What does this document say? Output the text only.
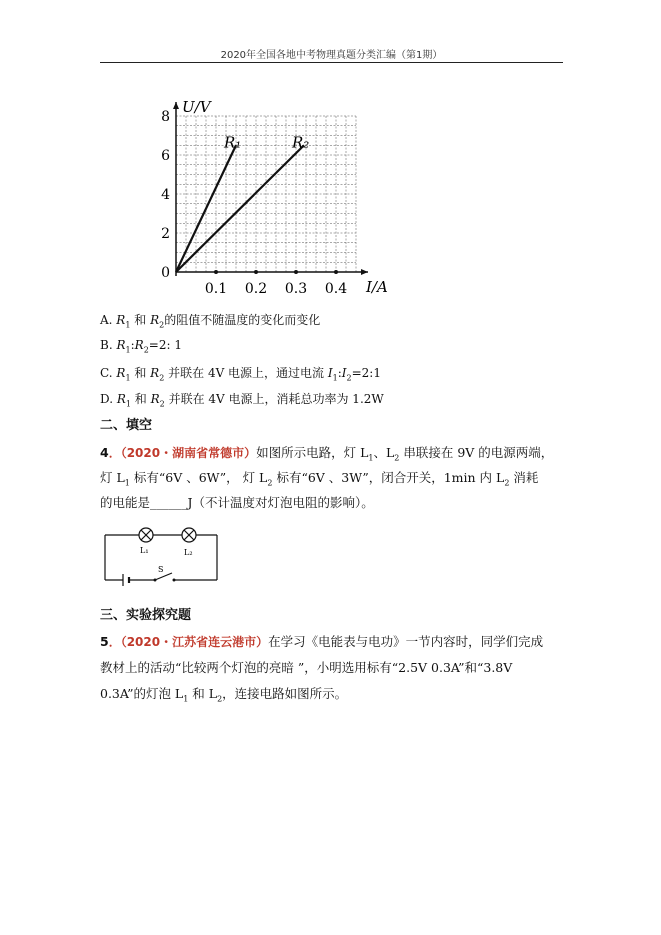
2020年全国各地中考物理真题分类汇编（第1期）
I/A
U/V
0.1 0.2 0.3 0.4
0
2
4
6
8
R₁	R₂
A. $R_1$ 和 $R_2$的阻值不随温度的变化而变化
B. $R_1:R_2=2$: 1
C. $R_1$ 和 $R_2$ 并联在 4V 电源上，通过电流 $I_1:I_2=2:1$
D. $R_1$ 和 $R_2$ 并联在 4V 电源上，消耗总功率为 1.2W
二、填空
4．（2020・湖南省常德市）如图所示电路，灯 $L_1$、$L_2$ 串联接在 9V 的电源两端，
灯 $L_1$ 标有“6V 、6W”， 灯 $L_2$ 标有“6V 、3W”，闭合开关，1min 内 $L_2$ 消耗
的电能是______J（不计温度对灯泡电阻的影响）。
L₁	L₂
S
三、实验探究题
5．（2020・江苏省连云港市）在学习《电能表与电功》一节内容时，同学们完成
教材上的活动“比较两个灯泡的亮暗 ”，小明选用标有“2.5V 0.3A”和“3.8V
0.3A”的灯泡 $L_1$ 和 $L_2$，连接电路如图所示。
